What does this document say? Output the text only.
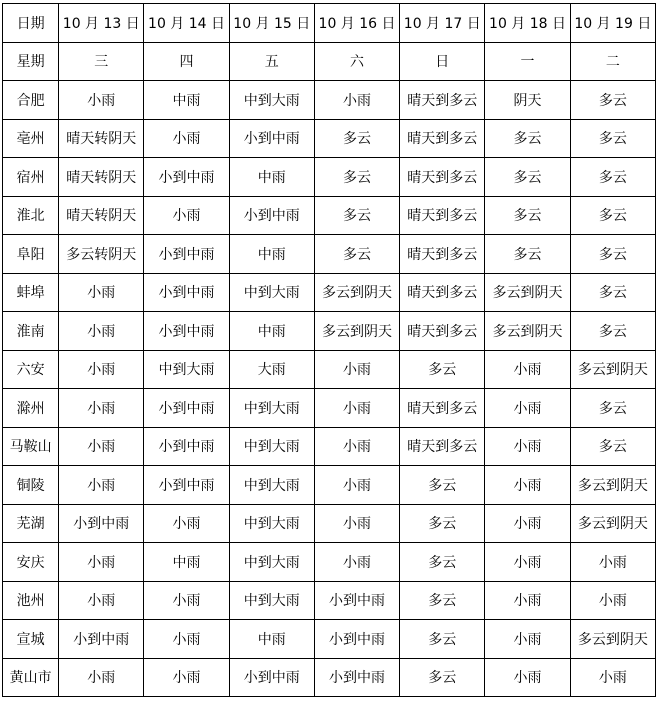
日期	10 月 13 日	10 月 14 日	10 月 15 日	10 月 16 日	10 月 17 日	10 月 18 日	10 月 19 日
星期	三	四	五	六	日	一	二
合肥	小雨	中雨	中到大雨	小雨	晴天到多云	阴天	多云
亳州	晴天转阴天	小雨	小到中雨	多云	晴天到多云	多云	多云
宿州	晴天转阴天	小到中雨	中雨	多云	晴天到多云	多云	多云
淮北	晴天转阴天	小雨	小到中雨	多云	晴天到多云	多云	多云
阜阳	多云转阴天	小到中雨	中雨	多云	晴天到多云	多云	多云
蚌埠	小雨	小到中雨	中到大雨	多云到阴天	晴天到多云	多云到阴天	多云
淮南	小雨	小到中雨	中雨	多云到阴天	晴天到多云	多云到阴天	多云
六安	小雨	中到大雨	大雨	小雨	多云	小雨	多云到阴天
滁州	小雨	小到中雨	中到大雨	小雨	晴天到多云	小雨	多云
马鞍山	小雨	小到中雨	中到大雨	小雨	晴天到多云	小雨	多云
铜陵	小雨	小到中雨	中到大雨	小雨	多云	小雨	多云到阴天
芜湖	小到中雨	小雨	中到大雨	小雨	多云	小雨	多云到阴天
安庆	小雨	中雨	中到大雨	小雨	多云	小雨	小雨
池州	小雨	小雨	中到大雨	小到中雨	多云	小雨	小雨
宣城	小到中雨	小雨	中雨	小到中雨	多云	小雨	多云到阴天
黄山市	小雨	小雨	小到中雨	小到中雨	多云	小雨	小雨
